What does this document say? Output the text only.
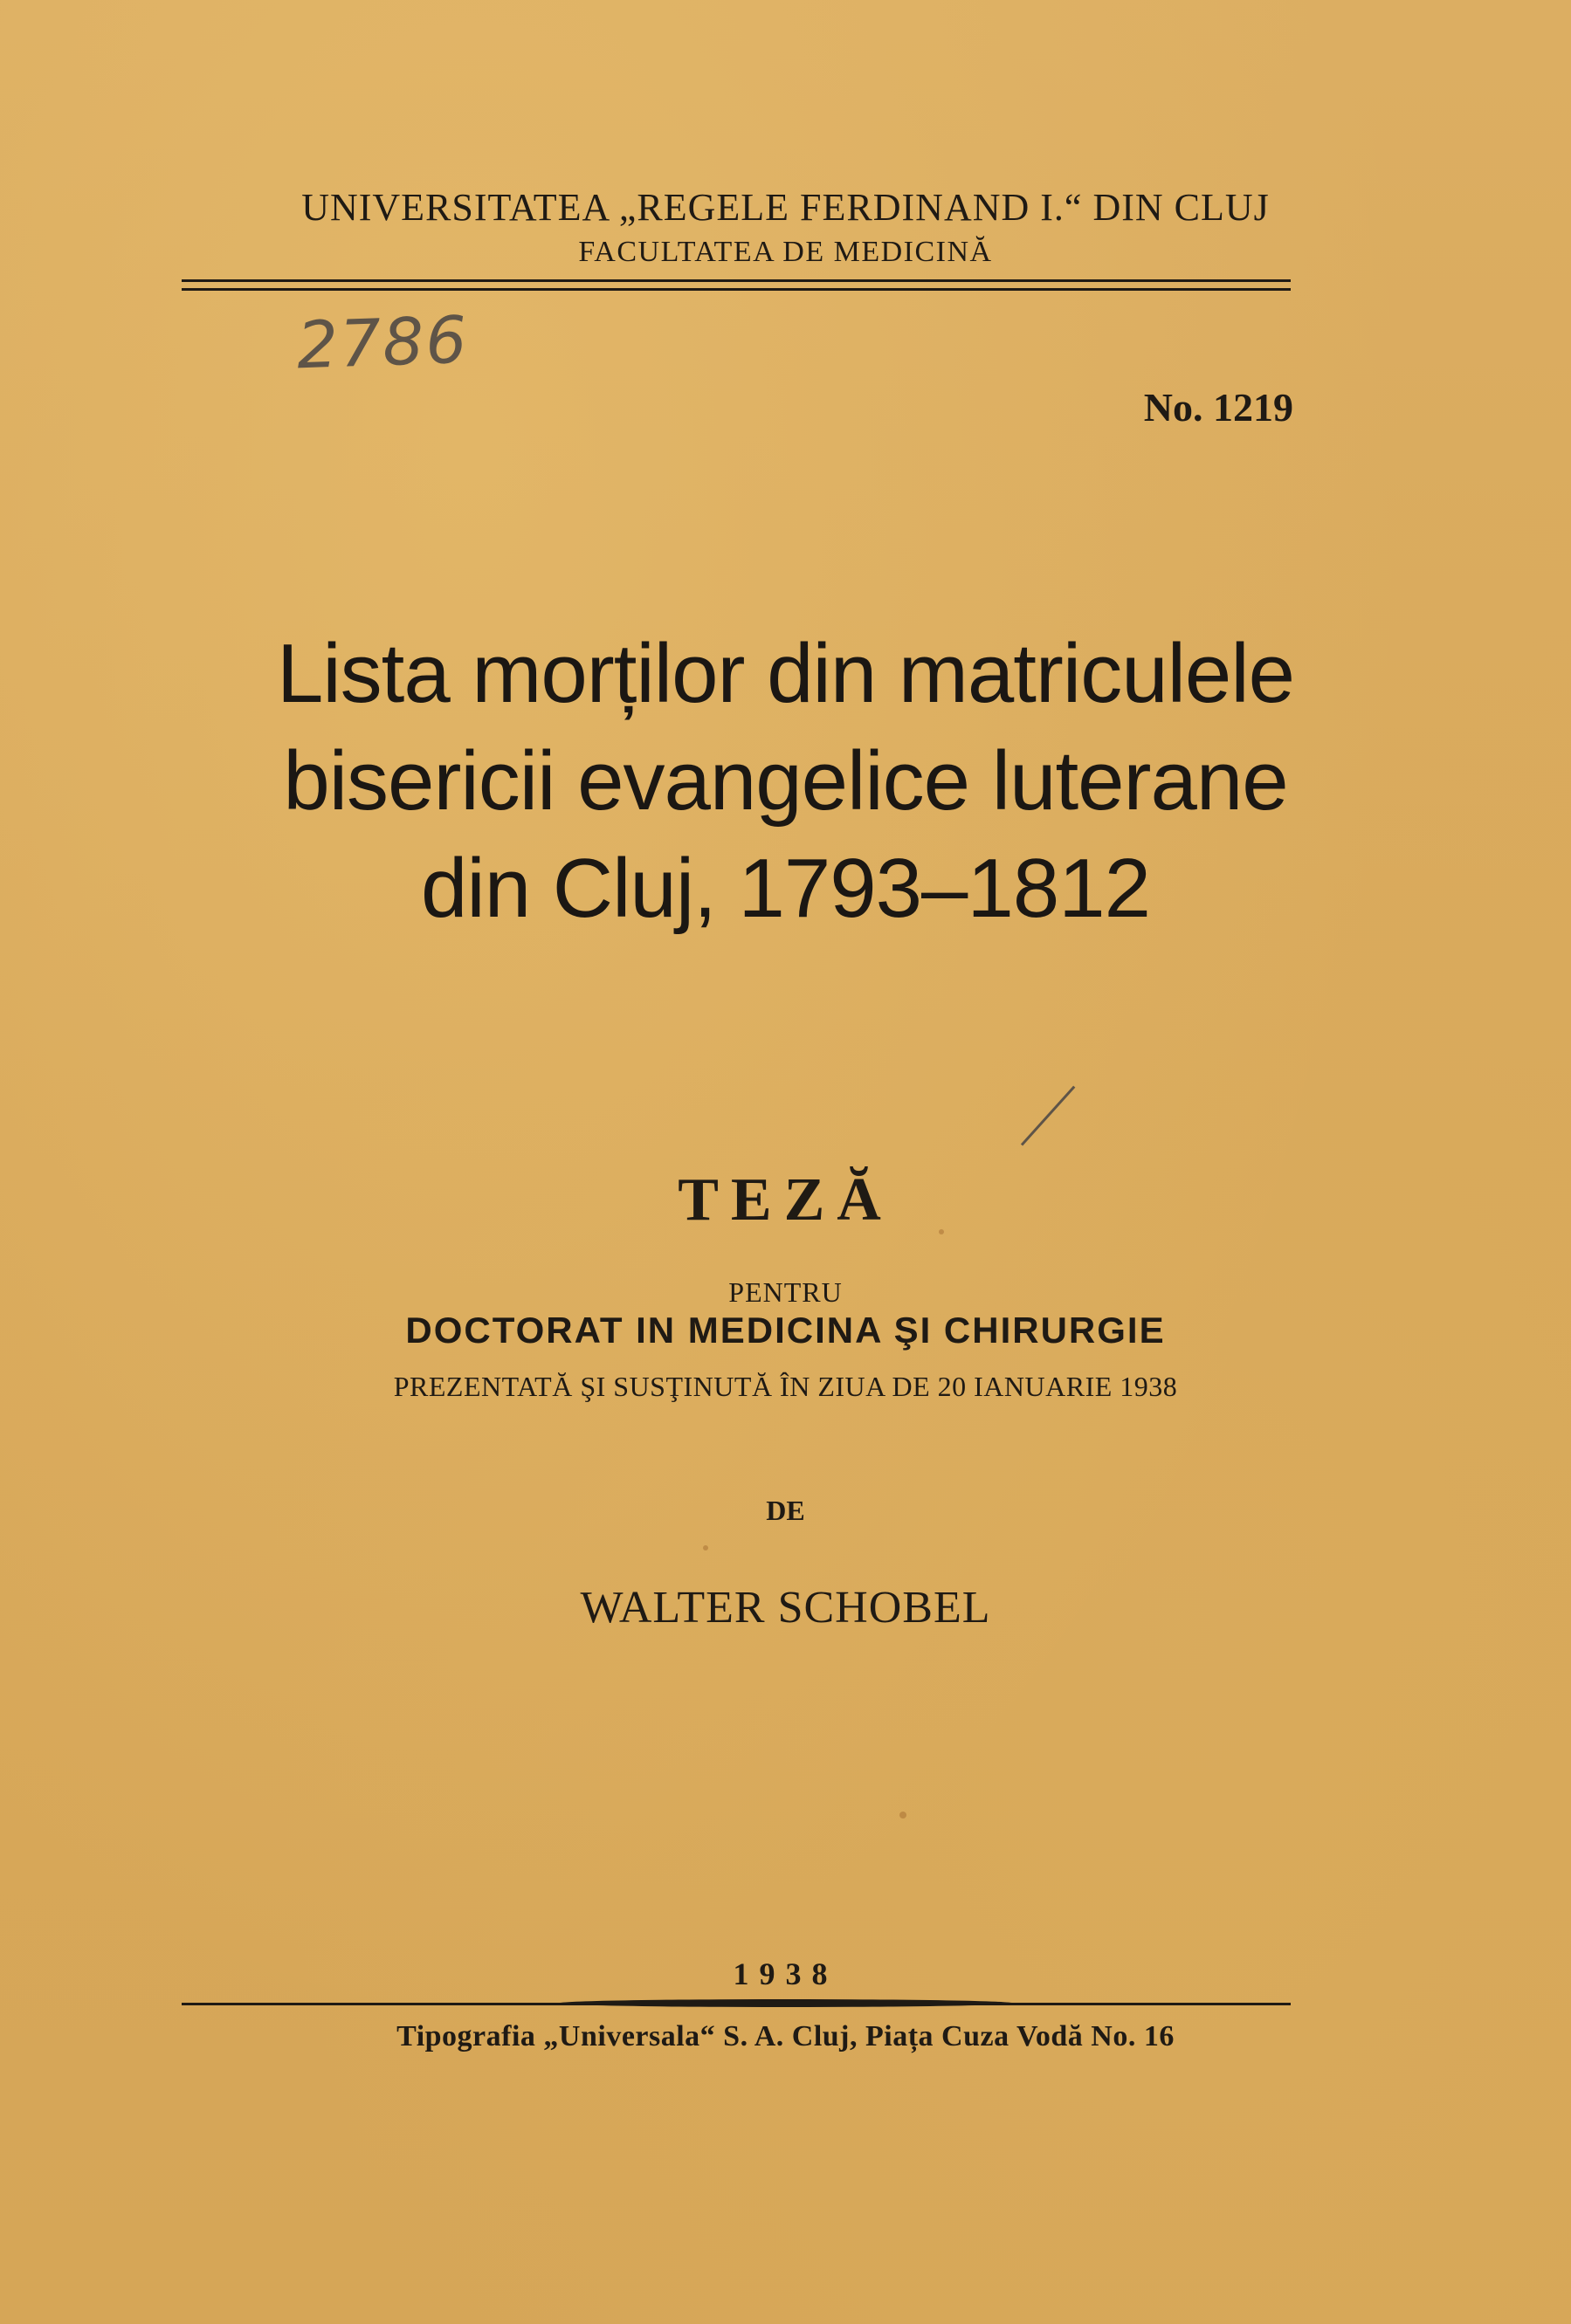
UNIVERSITATEA „REGELE FERDINAND I.“ DIN CLUJ
FACULTATEA DE MEDICINĂ
2786
No. 1219
Lista morților din matriculele
bisericii evangelice luterane
din Cluj, 1793–1812
TEZĂ
PENTRU
DOCTORAT IN MEDICINA ŞI CHIRURGIE
PREZENTATĂ ŞI SUSŢINUTĂ ÎN ZIUA DE 20 IANUARIE 1938
DE
WALTER SCHOBEL
1938
Tipografia „Universala“ S. A. Cluj, Piața Cuza Vodă No. 16
